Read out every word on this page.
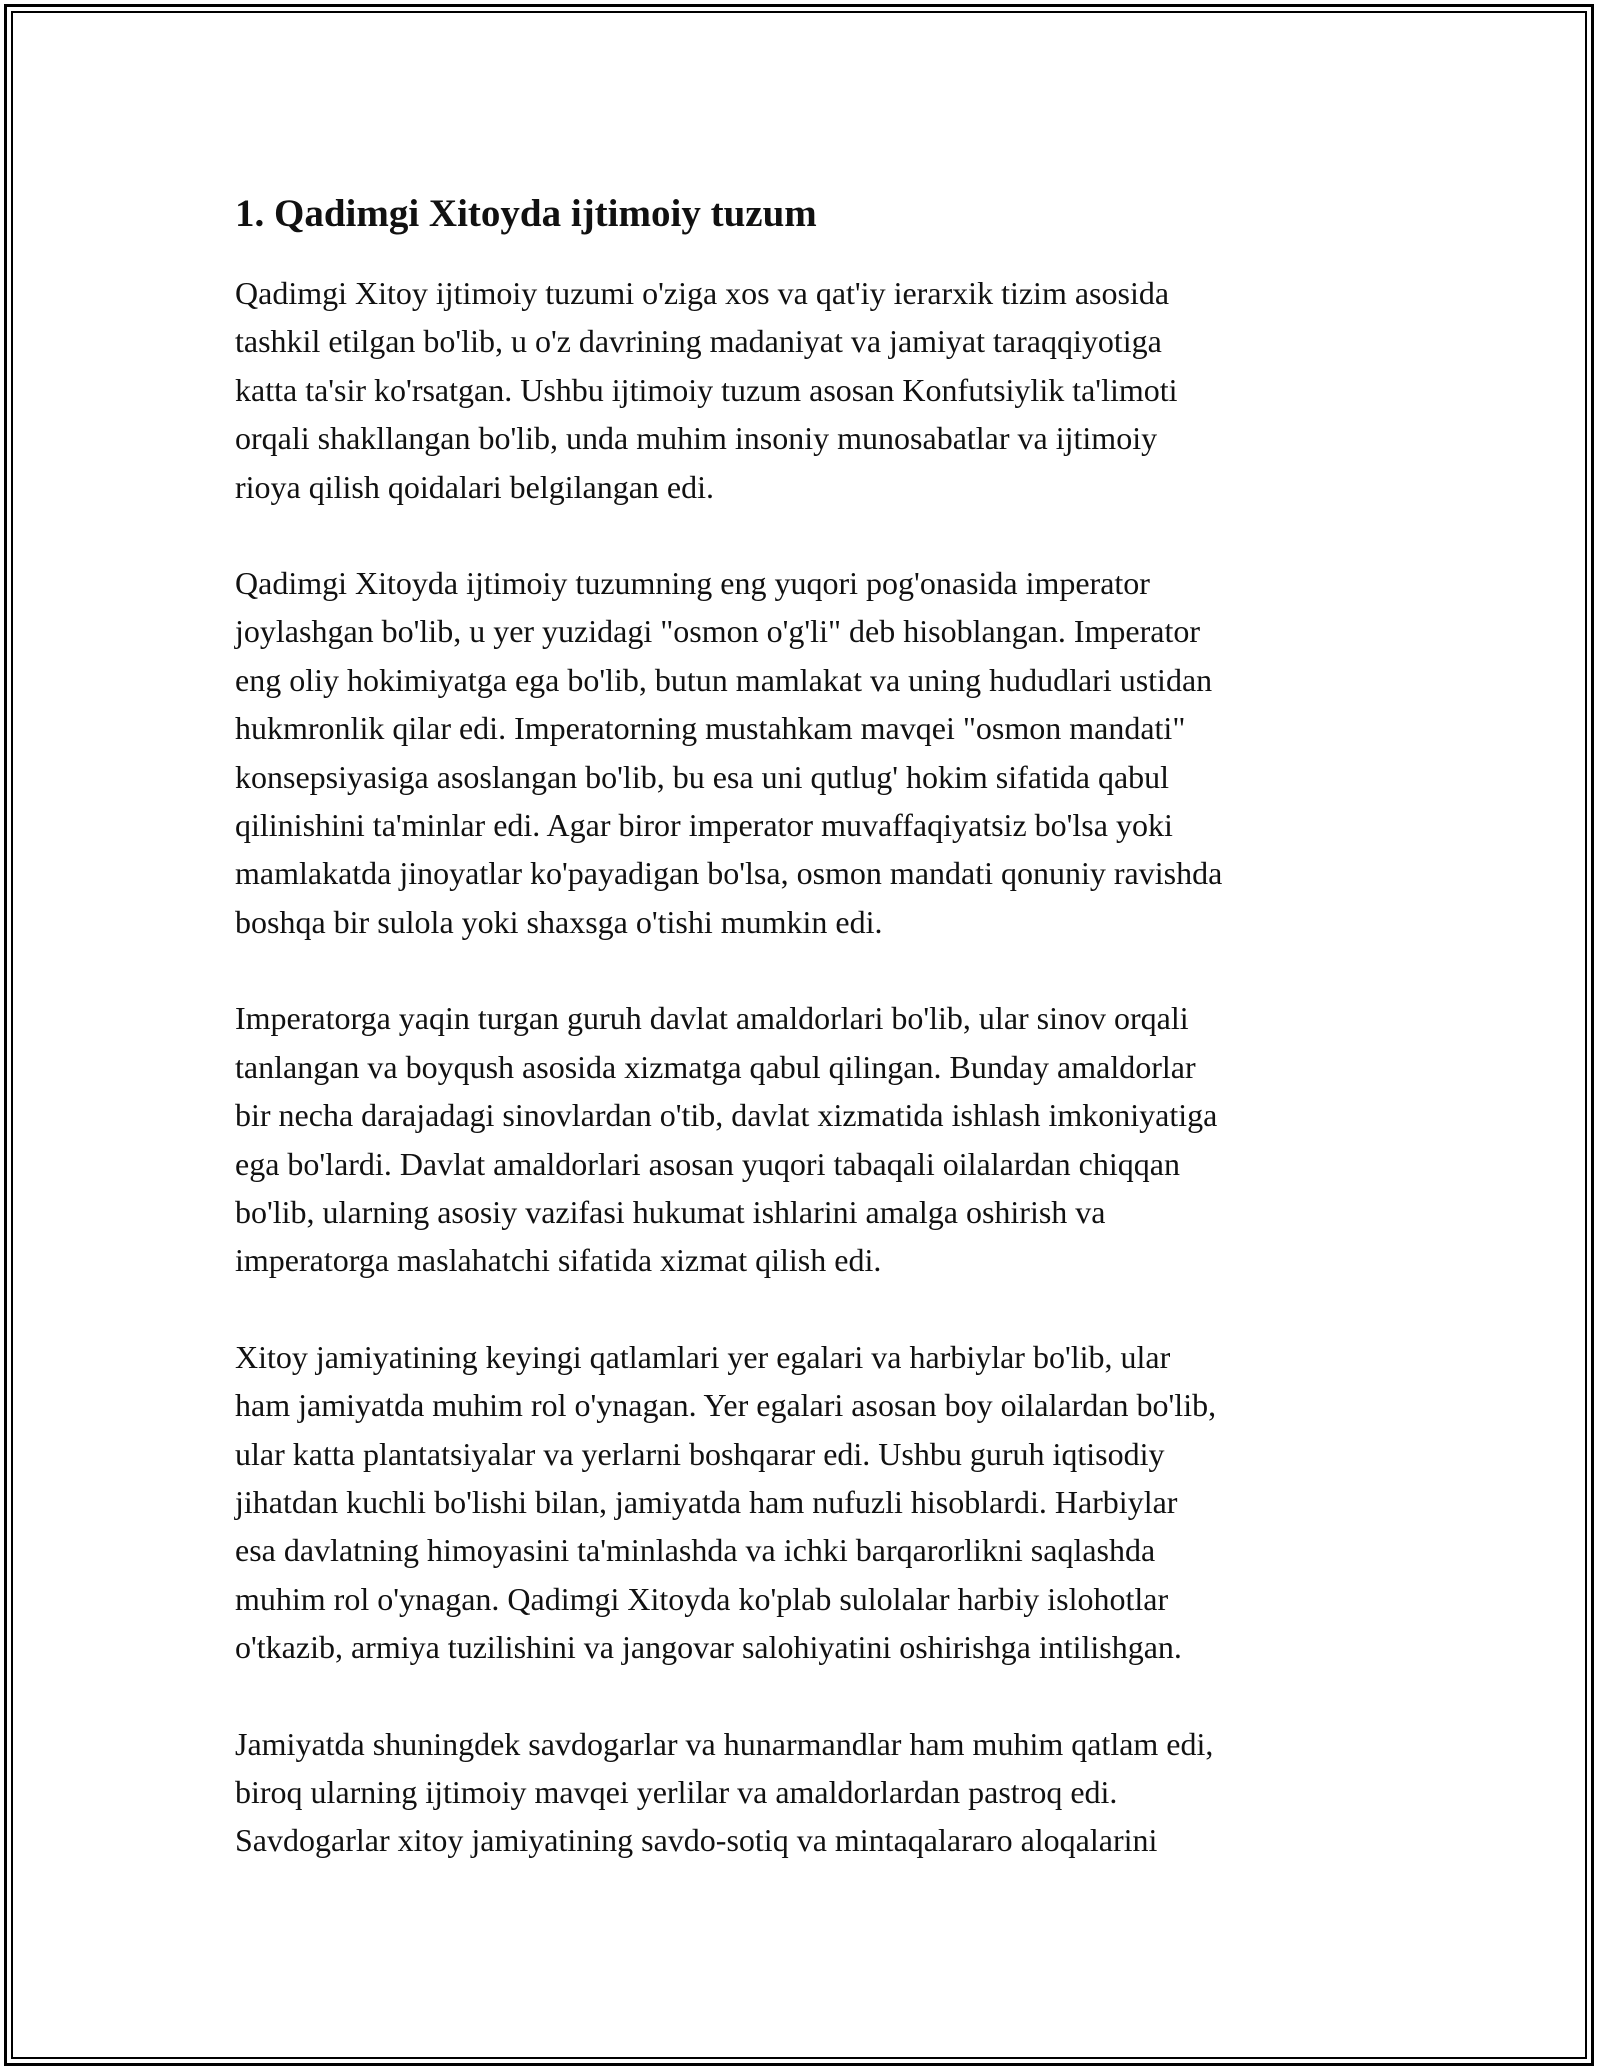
1. Qadimgi Xitoyda ijtimoiy tuzum

Qadimgi Xitoy ijtimoiy tuzumi o'ziga xos va qat'iy ierarxik tizim asosida
tashkil etilgan bo'lib, u o'z davrining madaniyat va jamiyat taraqqiyotiga
katta ta'sir ko'rsatgan. Ushbu ijtimoiy tuzum asosan Konfutsiylik ta'limoti
orqali shakllangan bo'lib, unda muhim insoniy munosabatlar va ijtimoiy
rioya qilish qoidalari belgilangan edi.

Qadimgi Xitoyda ijtimoiy tuzumning eng yuqori pog'onasida imperator
joylashgan bo'lib, u yer yuzidagi "osmon o'g'li" deb hisoblangan. Imperator
eng oliy hokimiyatga ega bo'lib, butun mamlakat va uning hududlari ustidan
hukmronlik qilar edi. Imperatorning mustahkam mavqei "osmon mandati"
konsepsiyasiga asoslangan bo'lib, bu esa uni qutlug' hokim sifatida qabul
qilinishini ta'minlar edi. Agar biror imperator muvaffaqiyatsiz bo'lsa yoki
mamlakatda jinoyatlar ko'payadigan bo'lsa, osmon mandati qonuniy ravishda
boshqa bir sulola yoki shaxsga o'tishi mumkin edi.

Imperatorga yaqin turgan guruh davlat amaldorlari bo'lib, ular sinov orqali
tanlangan va boyqush asosida xizmatga qabul qilingan. Bunday amaldorlar
bir necha darajadagi sinovlardan o'tib, davlat xizmatida ishlash imkoniyatiga
ega bo'lardi. Davlat amaldorlari asosan yuqori tabaqali oilalardan chiqqan
bo'lib, ularning asosiy vazifasi hukumat ishlarini amalga oshirish va
imperatorga maslahatchi sifatida xizmat qilish edi.

Xitoy jamiyatining keyingi qatlamlari yer egalari va harbiylar bo'lib, ular
ham jamiyatda muhim rol o'ynagan. Yer egalari asosan boy oilalardan bo'lib,
ular katta plantatsiyalar va yerlarni boshqarar edi. Ushbu guruh iqtisodiy
jihatdan kuchli bo'lishi bilan, jamiyatda ham nufuzli hisoblardi. Harbiylar
esa davlatning himoyasini ta'minlashda va ichki barqarorlikni saqlashda
muhim rol o'ynagan. Qadimgi Xitoyda ko'plab sulolalar harbiy islohotlar
o'tkazib, armiya tuzilishini va jangovar salohiyatini oshirishga intilishgan.

Jamiyatda shuningdek savdogarlar va hunarmandlar ham muhim qatlam edi,
biroq ularning ijtimoiy mavqei yerlilar va amaldorlardan pastroq edi.
Savdogarlar xitoy jamiyatining savdo-sotiq va mintaqalararo aloqalarini
